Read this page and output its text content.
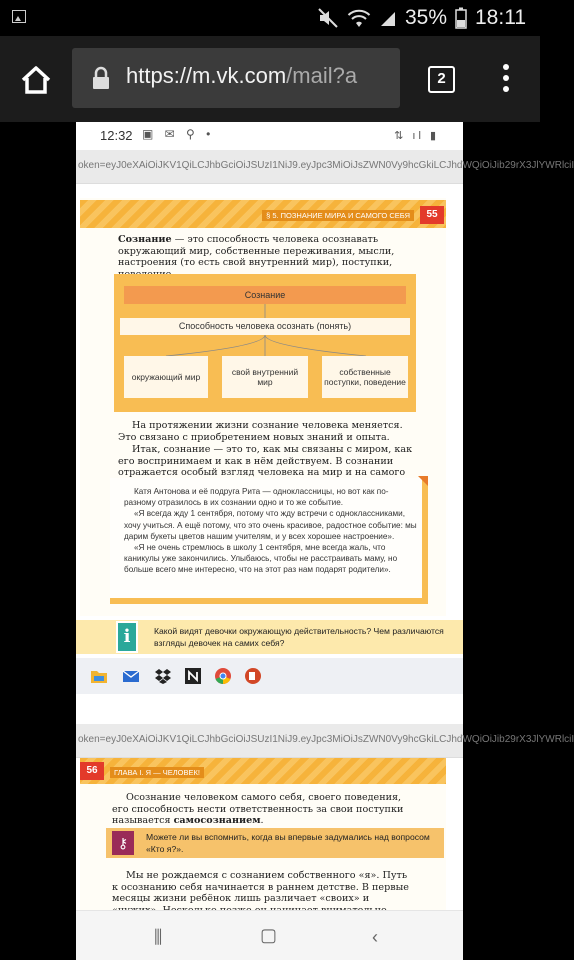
35% 18:11
https://m.vk.com/mail?a	2
12:32 ▣ ✉ ⚲ •	⇅ ıl ▮
oken=eyJ0eXAiOiJKV1QiLCJhbGciOiJSUzI1NiJ9.eyJpc3MiOiJsZWN0Vy9hcGkiLCJhdWQiOiJib29rX3JlYWRlciI
§ 5. ПОЗНАНИЕ МИРА И САМОГО СЕБЯ	55

Сознание — это способность человека осознавать окружающий мир, собственные переживания, мысли, настроения (то есть свой внутренний мир), поступки,

Сознание
Способность человека осознать (понять)
окружающий мир	свой внутренний мир
собственные поступки, поведение

На протяжении жизни сознание человека меняется. Это связано с приобретением новых знаний и опыта.

Итак, сознание — это то, как мы связаны с миром, как его воспринимаем и как в нём действуем. В сознании отражается особый взгляд человека на мир и на самого

Катя Антонова и её подруга Рита — одноклассницы, но вот как по-разному отразилось в их сознании одно и то же событие.

«Я всегда жду 1 сентября, потому что жду встречи с одноклассниками, хочу учиться. А ещё потому, что это очень красивое, радостное событие: мы дарим букеты цветов нашим учителям, и у всех хорошее настроение».

«Я не очень стремлюсь в школу 1 сентября, мне всегда жаль, что каникулы уже закончились. Улыбаюсь, чтобы не расстраивать маму, но больше всего мне интересно, что на этот раз нам подарят родители».

i	Какой видят девочки окружающую действительность? Чем различаются взгляды девочек на самих себя?
oken=eyJ0eXAiOiJKV1QiLCJhbGciOiJSUzI1NiJ9.eyJpc3MiOiJsZWN0Vy9hcGkiLCJhdWQiOiJib29rX3JlYWRlciI
56	ГЛАВА I. Я — ЧЕЛОВЕК!

Осознание человеком самого себя, своего поведения, его способность нести ответственность за свои поступки называется самосознанием.

⚷	Можете ли вы вспомнить, когда вы впервые задумались над вопросом «Кто я?».

Мы не рождаемся с сознанием собственного «я». Путь к осознанию себя начинается в раннем детстве. В первые месяцы жизни ребёнок лишь различает «своих» и

⫼	▢	‹
